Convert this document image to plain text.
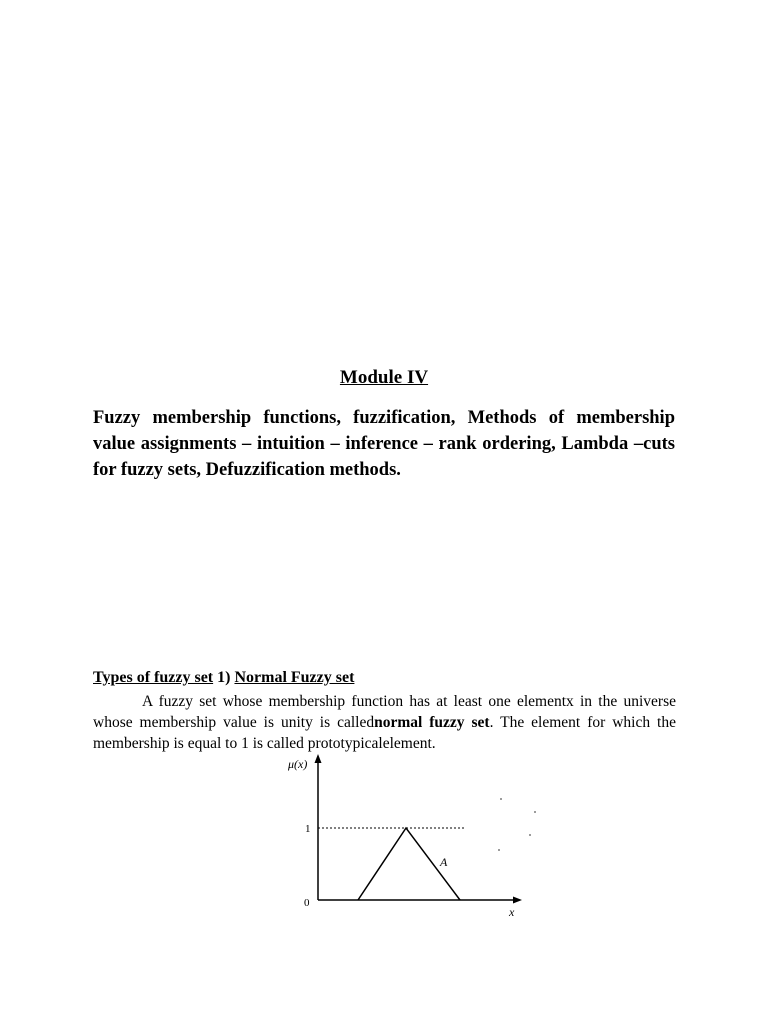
Module IV
Fuzzy membership functions, fuzzification, Methods of membership value assignments – intuition – inference – rank ordering, Lambda –cuts for fuzzy sets, Defuzzification methods.
Types of fuzzy set 1) Normal Fuzzy set
A fuzzy set whose membership function has at least one elementx in the universe whose membership value is unity is callednormal fuzzy set. The element for which the membership is equal to 1 is called prototypicalelement.
μ(x)
x
1
0
A
